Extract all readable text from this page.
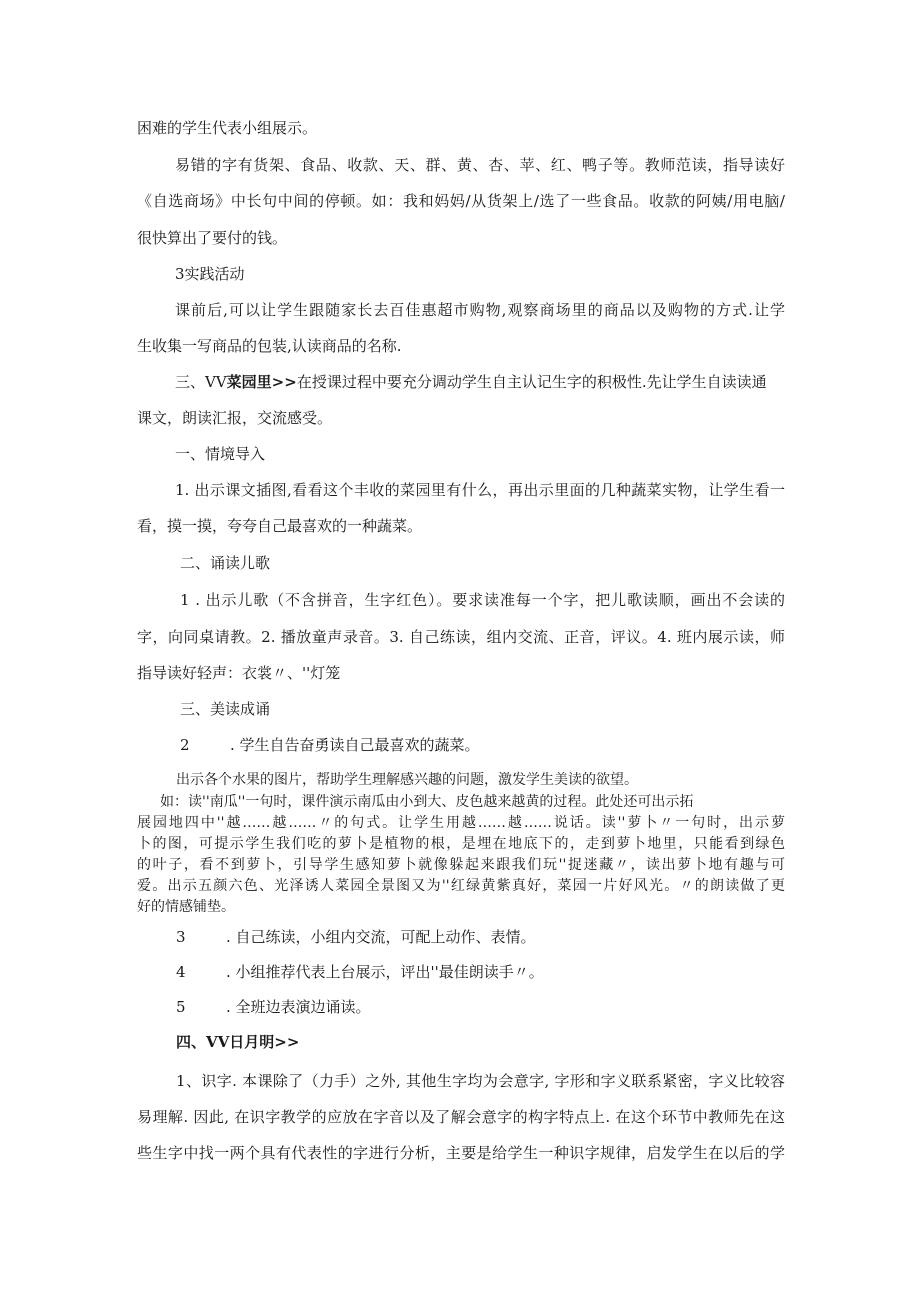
困难的学生代表小组展示。
易错的字有货架、食品、收款、天、群、黄、杏、苹、红、鸭子等。教师范读，指导读好
《自选商场》中长句中间的停顿。如：我和妈妈/从货架上/选了一些食品。收款的阿姨/用电脑/
很快算出了要付的钱。
3实践活动
课前后,可以让学生跟随家长去百佳惠超市购物,观察商场里的商品以及购物的方式.让学
生收集一写商品的包装,认读商品的名称.
三、VV菜园里>>在授课过程中要充分调动学生自主认记生字的积极性.先让学生自读读通
课文，朗读汇报，交流感受。
一、情境导入
1. 出示课文插图,看看这个丰收的菜园里有什么，再出示里面的几种蔬菜实物，让学生看一
看，摸一摸，夸夸自己最喜欢的一种蔬菜。
二、诵读儿歌
1 . 出示儿歌（不含拼音，生字红色）。要求读准每一个字，把儿歌读顺，画出不会读的
字，向同桌请教。2. 播放童声录音。3. 自己练读，组内交流、正音，评议。4. 班内展示读，师
指导读好轻声：衣裳〃、''灯笼
三、美读成诵
2	. 学生自告奋勇读自己最喜欢的蔬菜。
出示各个水果的图片，帮助学生理解感兴趣的问题，激发学生美读的欲望。
如：读''南瓜''一句时，课件演示南瓜由小到大、皮色越来越黄的过程。此处还可出示拓
展园地四中''越……越……〃的句式。让学生用越……越……说话。读''萝卜〃一句时，出示萝
卜的图，可提示学生我们吃的萝卜是植物的根，是埋在地底下的，走到萝卜地里，只能看到绿色
的叶子，看不到萝卜，引导学生感知萝卜就像躲起来跟我们玩''捉迷藏〃，读出萝卜地有趣与可
爱。出示五颜六色、光泽诱人菜园全景图又为''红绿黄紫真好，菜园一片好风光。〃的朗读做了更
好的情感铺垫。
3	. 自己练读，小组内交流，可配上动作、表情。
4	. 小组推荐代表上台展示，评出''最佳朗读手〃。
5	. 全班边表演边诵读。
四、VV日月明>>
1、识字. 本课除了（力手）之外, 其他生字均为会意字, 字形和字义联系紧密，字义比较容
易理解. 因此, 在识字教学的应放在字音以及了解会意字的构字特点上. 在这个环节中教师先在这
些生字中找一两个具有代表性的字进行分析，主要是给学生一种识字规律，启发学生在以后的学
